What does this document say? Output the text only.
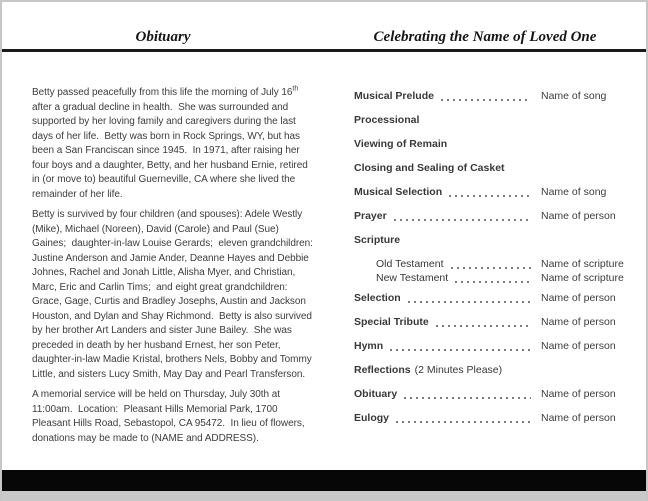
Obituary	Celebrating the Name of Loved One

Betty passed peacefully from this life the morning of July 16th
after a gradual decline in health.  She was surrounded and
supported by her loving family and caregivers during the last
days of her life.  Betty was born in Rock Springs, WY, but has
been a San Franciscan since 1945.  In 1971, after raising her
four boys and a daughter, Betty, and her husband Ernie, retired
in (or move to) beautiful Guerneville, CA where she lived the
remainder of her life.

Betty is survived by four children (and spouses): Adele Westly
(Mike), Michael (Noreen), David (Carole) and Paul (Sue)
Gaines;  daughter-in-law Louise Gerards;  eleven grandchildren:
Justine Anderson and Jamie Ander, Deanne Hayes and Debbie
Johnes, Rachel and Jonah Little, Alisha Myer, and Christian,
Marc, Eric and Carlin Tims;  and eight great grandchildren:
Grace, Gage, Curtis and Bradley Josephs, Austin and Jackson
Houston, and Dylan and Shay Richmond.  Betty is also survived
by her brother Art Landers and sister June Bailey.  She was
preceded in death by her husband Ernest, her son Peter,
daughter-in-law Madie Kristal, brothers Nels, Bobby and Tommy
Little, and sisters Lucy Smith, May Day and Pearl Transferson.

A memorial service will be held on Thursday, July 30th at
11:00am.  Location:  Pleasant Hills Memorial Park, 1700
Pleasant Hills Road, Sebastopol, CA 95472.  In lieu of flowers,
donations may be made to (NAME and ADDRESS).

Musical Prelude	Name of song
Processional
Viewing of Remain
Closing and Sealing of Casket
Musical Selection	Name of song
Prayer	Name of person
Scripture
Old Testament	Name of scripture
New Testament	Name of scripture
Selection	Name of person
Special Tribute	Name of person
Hymn	Name of person
Reflections (2 Minutes Please)
Obituary	Name of person
Eulogy	Name of person
